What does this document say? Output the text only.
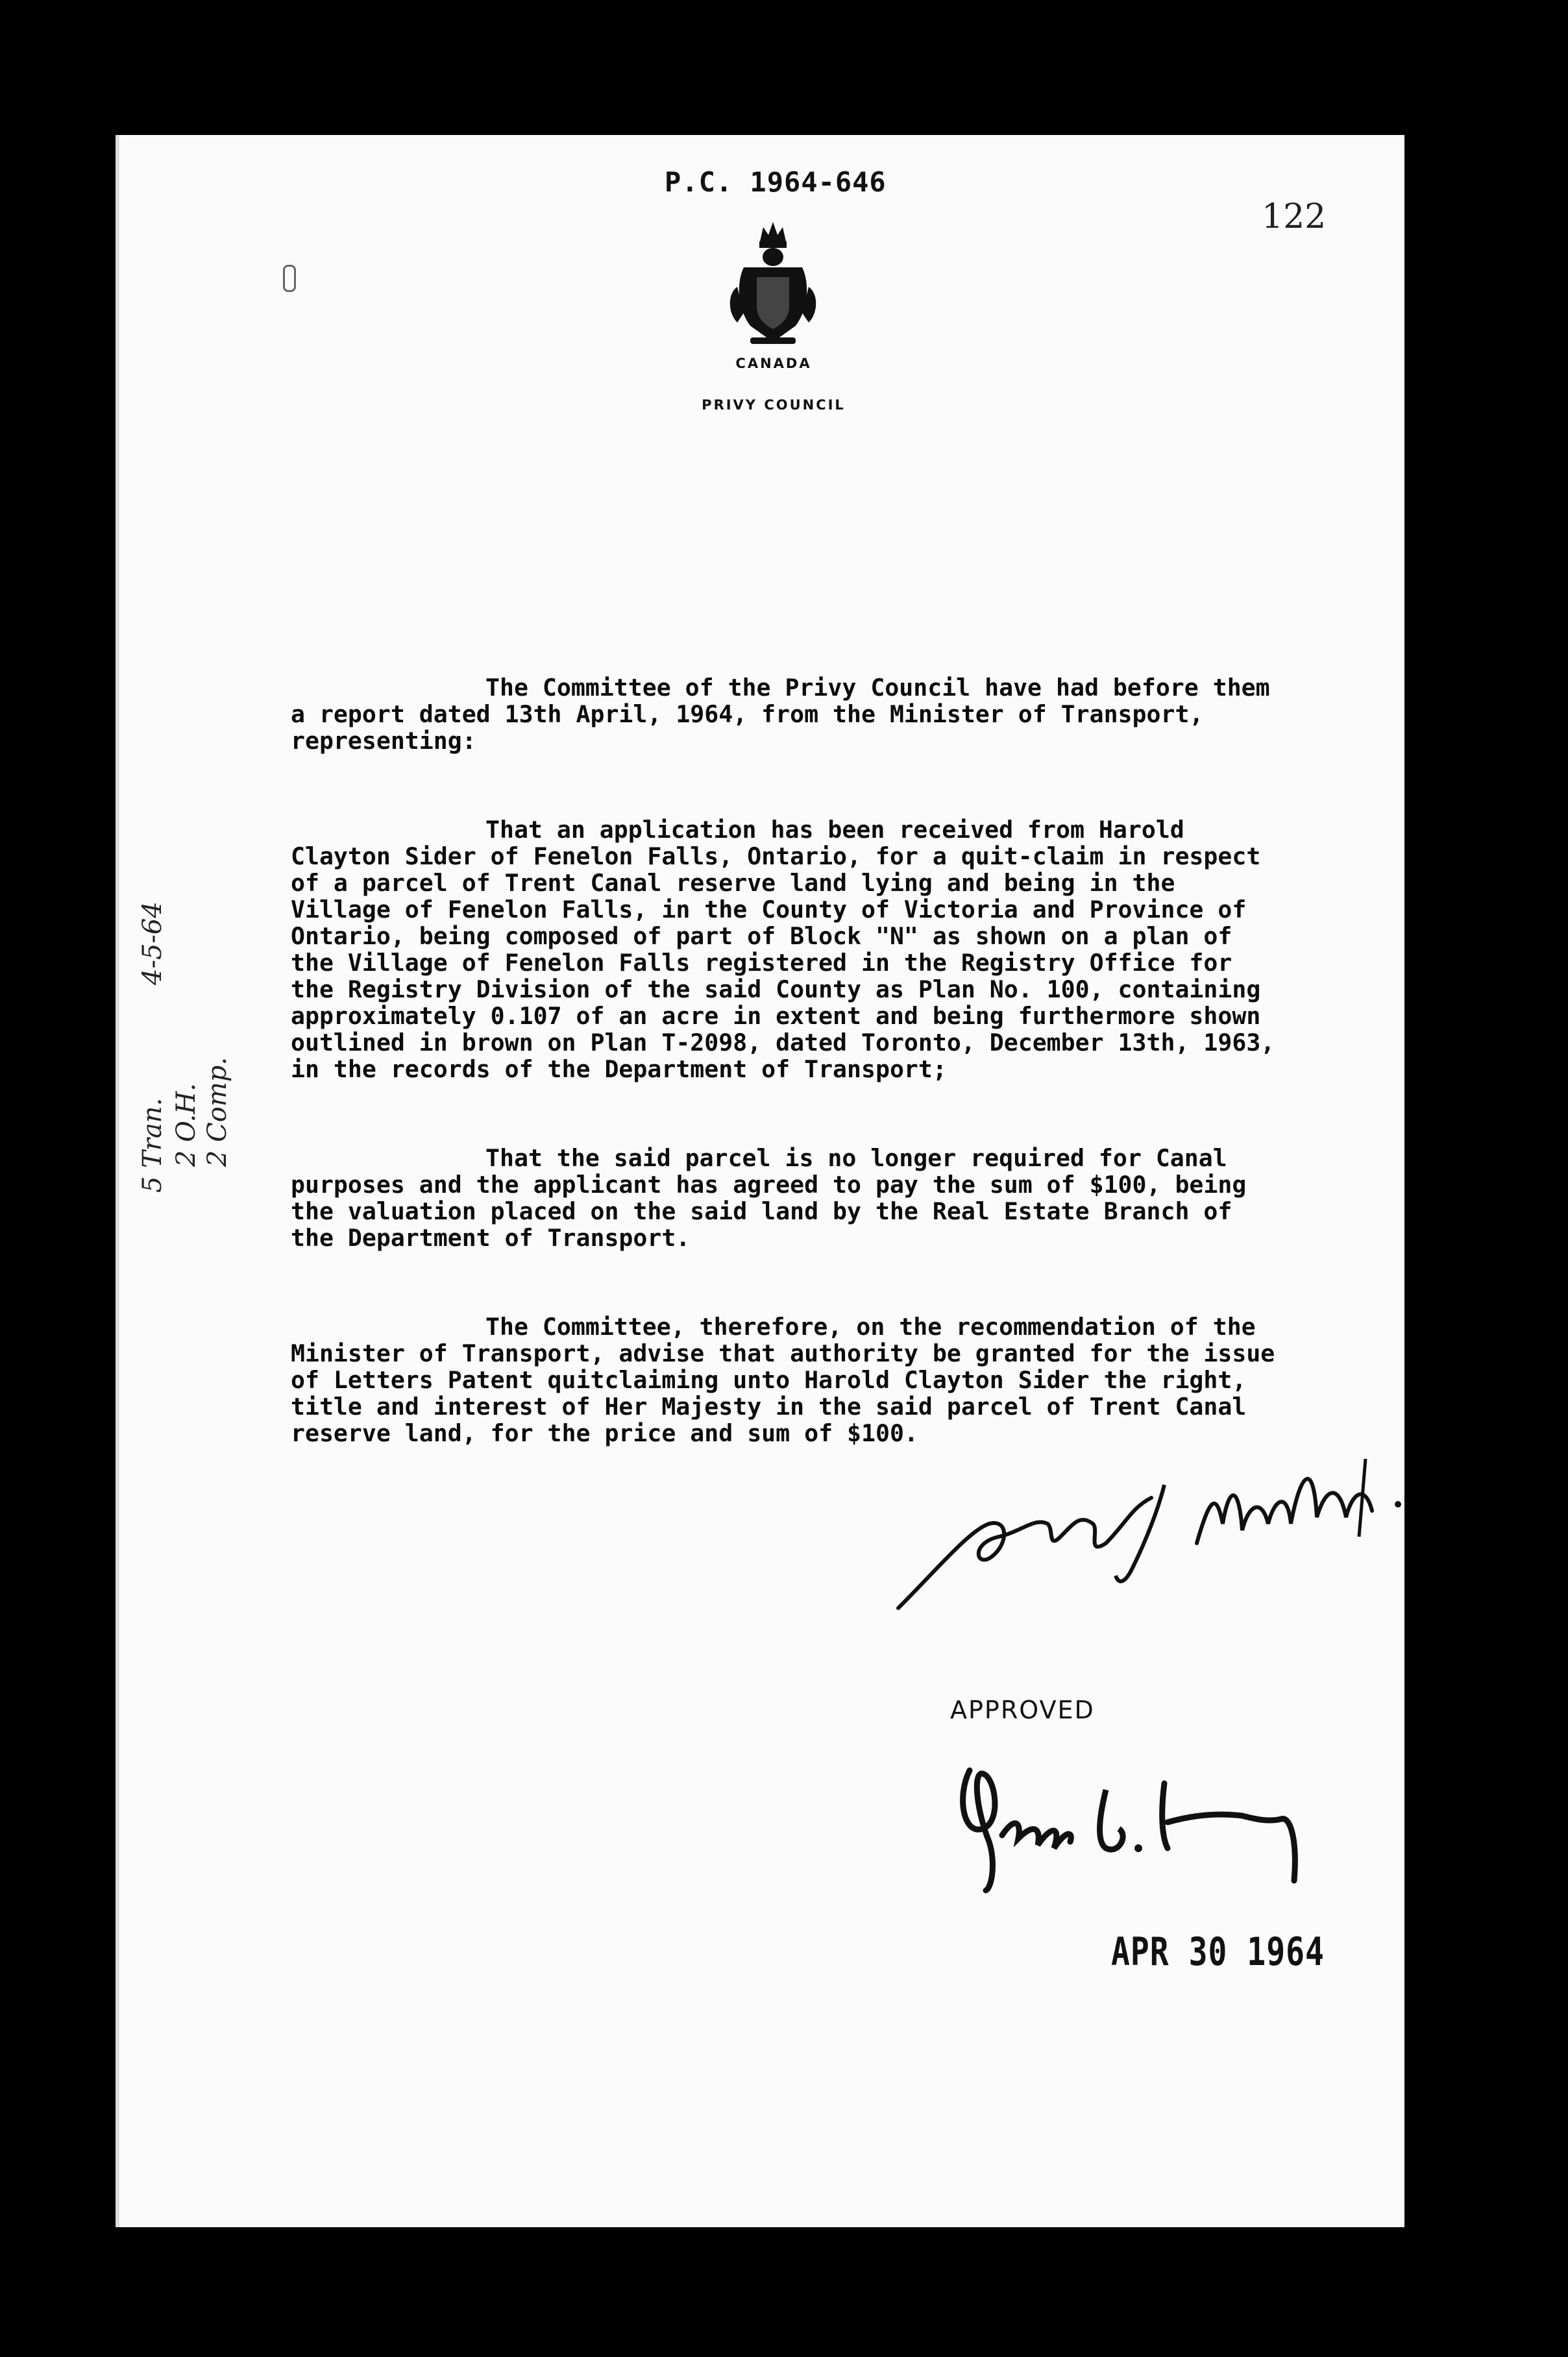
P.C. 1964-646
122
CANADA
PRIVY COUNCIL

The Committee of the Privy Council have had before them a report dated 13th April, 1964, from the Minister of Transport, representing:

That an application has been received from Harold Clayton Sider of Fenelon Falls, Ontario, for a quit-claim in respect of a parcel of Trent Canal reserve land lying and being in the Village of Fenelon Falls, in the County of Victoria and Province of Ontario, being composed of part of Block "N" as shown on a plan of the Village of Fenelon Falls registered in the Registry Office for the Registry Division of the said County as Plan No. 100, containing approximately 0.107 of an acre in extent and being furthermore shown outlined in brown on Plan T-2098, dated Toronto, December 13th, 1963, in the records of the Department of Transport;

That the said parcel is no longer required for Canal purposes and the applicant has agreed to pay the sum of $100, being the valuation placed on the said land by the Real Estate Branch of the Department of Transport.

The Committee, therefore, on the recommendation of the Minister of Transport, advise that authority be granted for the issue of Letters Patent quitclaiming unto Harold Clayton Sider the right, title and interest of Her Majesty in the said parcel of Trent Canal reserve land, for the price and sum of $100.

5 Tran. 2 O.H. 2 Comp.
4-5-64
APPROVED
APR 30 1964
